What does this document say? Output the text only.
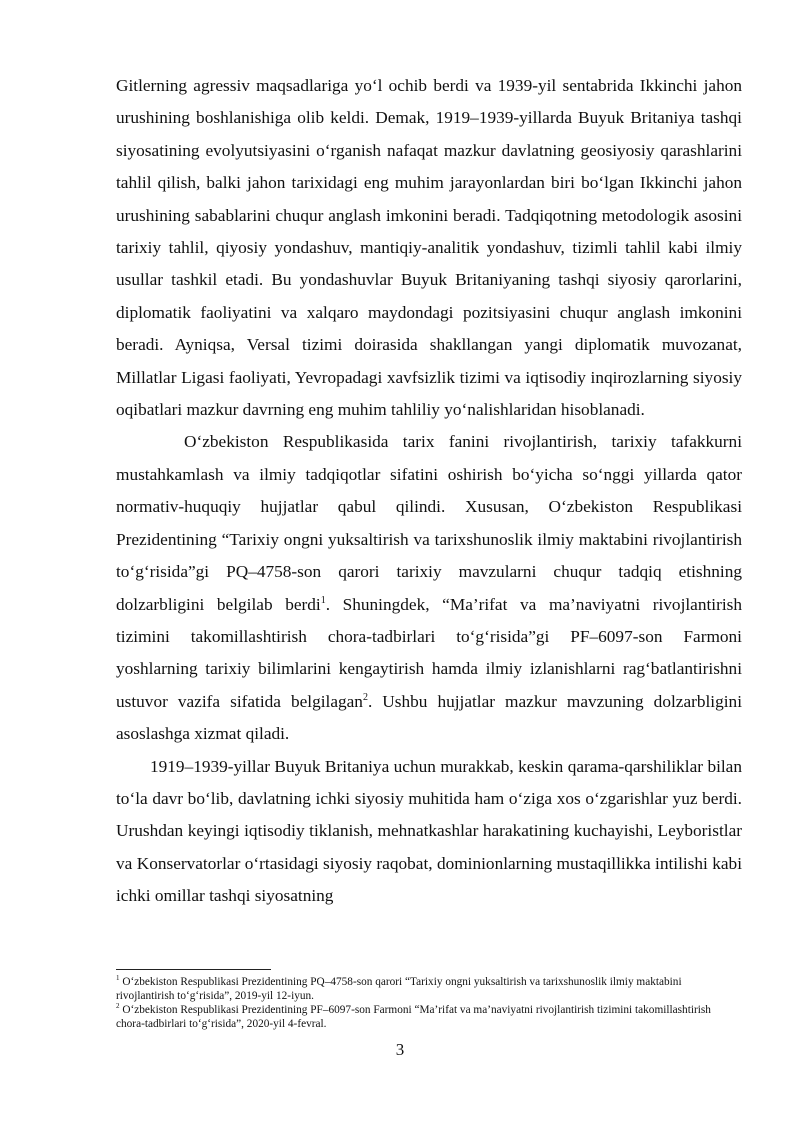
Gitlerning agressiv maqsadlariga yo‘l ochib berdi va 1939-yil sentabrida Ikkinchi jahon urushining boshlanishiga olib keldi. Demak, 1919–1939-yillarda Buyuk Britaniya tashqi siyosatining evolyutsiyasini o‘rganish nafaqat mazkur davlatning geosiyosiy qarashlarini tahlil qilish, balki jahon tarixidagi eng muhim jarayonlardan biri bo‘lgan Ikkinchi jahon urushining sabablarini chuqur anglash imkonini beradi. Tadqiqotning metodologik asosini tarixiy tahlil, qiyosiy yondashuv, mantiqiy-analitik yondashuv, tizimli tahlil kabi ilmiy usullar tashkil etadi. Bu yondashuvlar Buyuk Britaniyaning tashqi siyosiy qarorlarini, diplomatik faoliyatini va xalqaro maydondagi pozitsiyasini chuqur anglash imkonini beradi. Ayniqsa, Versal tizimi doirasida shakllangan yangi diplomatik muvozanat, Millatlar Ligasi faoliyati, Yevropadagi xavfsizlik tizimi va iqtisodiy inqirozlarning siyosiy oqibatlari mazkur davrning eng muhim tahliliy yo‘nalishlaridan hisoblanadi.

O‘zbekiston Respublikasida tarix fanini rivojlantirish, tarixiy tafakkurni mustahkamlash va ilmiy tadqiqotlar sifatini oshirish bo‘yicha so‘nggi yillarda qator normativ-huquqiy hujjatlar qabul qilindi. Xususan, O‘zbekiston Respublikasi Prezidentining “Tarixiy ongni yuksaltirish va tarixshunoslik ilmiy maktabini rivojlantirish to‘g‘risida”gi PQ–4758-son qarori tarixiy mavzularni chuqur tadqiq etishning dolzarbligini belgilab berdi$^1$. Shuningdek, “Ma’rifat va ma’naviyatni rivojlantirish tizimini takomillashtirish chora-tadbirlari to‘g‘risida”gi PF–6097-son Farmoni yoshlarning tarixiy bilimlarini kengaytirish hamda ilmiy izlanishlarni rag‘batlantirishni ustuvor vazifa sifatida belgilagan$^2$. Ushbu hujjatlar mazkur mavzuning dolzarbligini asoslashga xizmat qiladi.

1919–1939-yillar Buyuk Britaniya uchun murakkab, keskin qarama-qarshiliklar bilan to‘la davr bo‘lib, davlatning ichki siyosiy muhitida ham o‘ziga xos o‘zgarishlar yuz berdi. Urushdan keyingi iqtisodiy tiklanish, mehnatkashlar harakatining kuchayishi, Leyboristlar va Konservatorlar o‘rtasidagi siyosiy raqobat, dominionlarning mustaqillikka intilishi kabi ichki omillar tashqi siyosatning

$^1$ O‘zbekiston Respublikasi Prezidentining PQ–4758-son qarori “Tarixiy ongni yuksaltirish va tarixshunoslik ilmiy maktabini rivojlantirish to‘g‘risida”, 2019-yil 12-iyun.

$^2$ O‘zbekiston Respublikasi Prezidentining PF–6097-son Farmoni “Ma’rifat va ma’naviyatni rivojlantirish tizimini takomillashtirish chora-tadbirlari to‘g‘risida”, 2020-yil 4-fevral.

3
